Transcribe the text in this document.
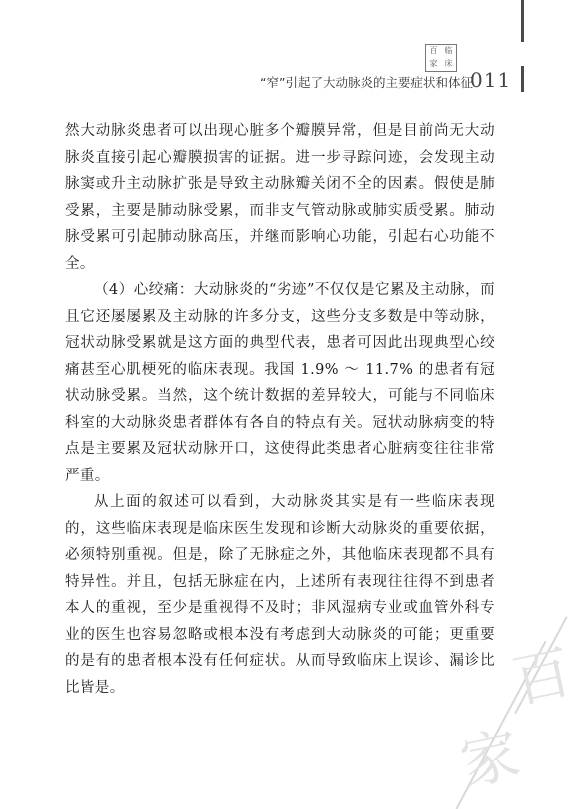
百 临
家 床
“窄”引起了大动脉炎的主要症状和体征
011

然大动脉炎患者可以出现心脏多个瓣膜异常，但是目前尚无大动脉炎直接引起心瓣膜损害的证据。进一步寻踪问迹，会发现主动脉窦或升主动脉扩张是导致主动脉瓣关闭不全的因素。假使是肺受累，主要是肺动脉受累，而非支气管动脉或肺实质受累。肺动脉受累可引起肺动脉高压，并继而影响心功能，引起右心功能不全。

（4）心绞痛：大动脉炎的“劣迹”不仅仅是它累及主动脉，而且它还屡屡累及主动脉的许多分支，这些分支多数是中等动脉，冠状动脉受累就是这方面的典型代表，患者可因此出现典型心绞痛甚至心肌梗死的临床表现。我国 1.9% ～ 11.7% 的患者有冠状动脉受累。当然，这个统计数据的差异较大，可能与不同临床科室的大动脉炎患者群体有各自的特点有关。冠状动脉病变的特点是主要累及冠状动脉开口，这使得此类患者心脏病变往往非常严重。

从上面的叙述可以看到，大动脉炎其实是有一些临床表现的，这些临床表现是临床医生发现和诊断大动脉炎的重要依据，必须特别重视。但是，除了无脉症之外，其他临床表现都不具有特异性。并且，包括无脉症在内，上述所有表现往往得不到患者本人的重视，至少是重视得不及时；非风湿病专业或血管外科专业的医生也容易忽略或根本没有考虑到大动脉炎的可能；更重要的是有的患者根本没有任何症状。从而导致临床上误诊、漏诊比比皆是。	百
家
